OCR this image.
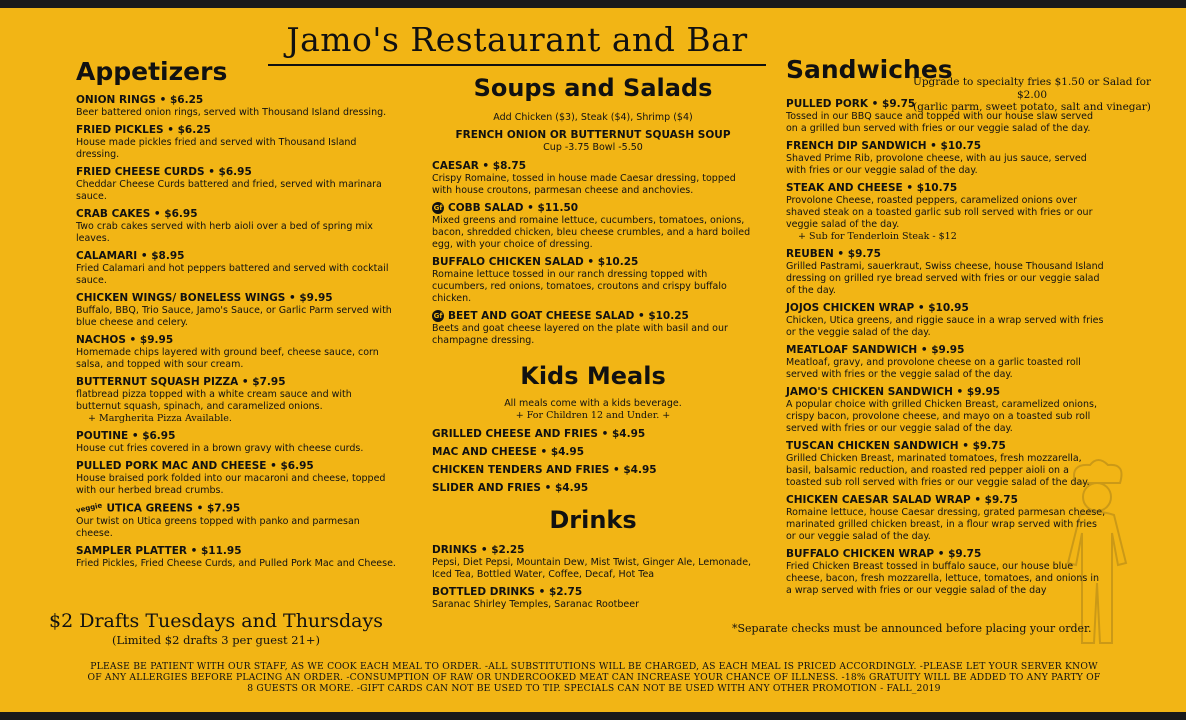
Jamo's Restaurant and Bar
Appetizers
ONION RINGS • $6.25
Beer battered onion rings, served with Thousand Island dressing.
FRIED PICKLES • $6.25
House made pickles fried and served with Thousand Island dressing.
FRIED CHEESE CURDS • $6.95
Cheddar Cheese Curds battered and fried, served with marinara sauce.
CRAB CAKES • $6.95
Two crab cakes served with herb aioli over a bed of spring mix leaves.
CALAMARI • $8.95
Fried Calamari and hot peppers battered and served with cocktail sauce.
CHICKEN WINGS/ BONELESS WINGS • $9.95
Buffalo, BBQ, Trio Sauce, Jamo's Sauce, or Garlic Parm served with blue cheese and celery.
NACHOS • $9.95
Homemade chips layered with ground beef, cheese sauce, corn salsa, and topped with sour cream.
BUTTERNUT SQUASH PIZZA • $7.95
flatbread pizza topped with a white cream sauce and with butternut squash, spinach, and caramelized onions.
+ Margherita Pizza Available.
POUTINE • $6.95
House cut fries covered in a brown gravy with cheese curds.
PULLED PORK MAC AND CHEESE • $6.95
House braised pork folded into our macaroni and cheese, topped with our herbed bread crumbs.
veggie UTICA GREENS • $7.95
Our twist on Utica greens topped with panko and parmesan cheese.
SAMPLER PLATTER • $11.95
Fried Pickles, Fried Cheese Curds, and Pulled Pork Mac and Cheese.
$2 Drafts Tuesdays and Thursdays
(Limited $2 drafts 3 per guest 21+)
Soups and Salads
Add Chicken ($3), Steak ($4), Shrimp ($4)
FRENCH ONION OR BUTTERNUT SQUASH SOUP
Cup -3.75 Bowl -5.50
CAESAR • $8.75
Crispy Romaine, tossed in house made Caesar dressing, topped with house croutons, parmesan cheese and anchovies.
Gf COBB SALAD • $11.50
Mixed greens and romaine lettuce, cucumbers, tomatoes, onions, bacon, shredded chicken, bleu cheese crumbles, and a hard boiled egg, with your choice of dressing.
BUFFALO CHICKEN SALAD • $10.25
Romaine lettuce tossed in our ranch dressing topped with cucumbers, red onions, tomatoes, croutons and crispy buffalo chicken.
Gf BEET AND GOAT CHEESE SALAD • $10.25
Beets and goat cheese layered on the plate with basil and our champagne dressing.
Kids Meals
All meals come with a kids beverage.
+ For Children 12 and Under. +
GRILLED CHEESE AND FRIES • $4.95
MAC AND CHEESE • $4.95
CHICKEN TENDERS AND FRIES • $4.95
SLIDER AND FRIES • $4.95
Drinks
DRINKS • $2.25
Pepsi, Diet Pepsi, Mountain Dew, Mist Twist, Ginger Ale, Lemonade, Iced Tea, Bottled Water, Coffee, Decaf, Hot Tea
BOTTLED DRINKS • $2.75
Saranac Shirley Temples, Saranac Rootbeer
Sandwiches
PULLED PORK • $9.75
Tossed in our BBQ sauce and topped with our house slaw served on a grilled bun served with fries or our veggie salad of the day.
FRENCH DIP SANDWICH • $10.75
Shaved Prime Rib, provolone cheese, with au jus sauce, served with fries or our veggie salad of the day.
STEAK AND CHEESE • $10.75
Provolone Cheese, roasted peppers, caramelized onions over shaved steak on a toasted garlic sub roll served with fries or our veggie salad of the day.
+ Sub for Tenderloin Steak - $12
REUBEN • $9.75
Grilled Pastrami, sauerkraut, Swiss cheese, house Thousand Island dressing on grilled rye bread served with fries or our veggie salad of the day.
JOJOS CHICKEN WRAP • $10.95
Chicken, Utica greens, and riggie sauce in a wrap served with fries or the veggie salad of the day.
MEATLOAF SANDWICH • $9.95
Meatloaf, gravy, and provolone cheese on a garlic toasted roll served with fries or the veggie salad of the day.
JAMO'S CHICKEN SANDWICH • $9.95
A popular choice with grilled Chicken Breast, caramelized onions, crispy bacon, provolone cheese, and mayo on a toasted sub roll served with fries or our veggie salad of the day.
TUSCAN CHICKEN SANDWICH • $9.75
Grilled Chicken Breast, marinated tomatoes, fresh mozzarella, basil, balsamic reduction, and roasted red pepper aioli on a toasted sub roll served with fries or our veggie salad of the day.
CHICKEN CAESAR SALAD WRAP • $9.75
Romaine lettuce, house Caesar dressing, grated parmesan cheese, marinated grilled chicken breast, in a flour wrap served with fries or our veggie salad of the day.
BUFFALO CHICKEN WRAP • $9.75
Fried Chicken Breast tossed in buffalo sauce, our house blue cheese, bacon, fresh mozzarella, lettuce, tomatoes, and onions in a wrap served with fries or our veggie salad of the day
Upgrade to specialty fries $1.50 or Salad for $2.00
(garlic parm, sweet potato, salt and vinegar)
*Separate checks must be announced before placing your order.
PLEASE BE PATIENT WITH OUR STAFF, AS WE COOK EACH MEAL TO ORDER. -ALL SUBSTITUTIONS WILL BE CHARGED, AS EACH MEAL IS PRICED ACCORDINGLY. -PLEASE LET YOUR SERVER KNOW OF ANY ALLERGIES BEFORE PLACING AN ORDER. -CONSUMPTION OF RAW OR UNDERCOOKED MEAT CAN INCREASE YOUR CHANCE OF ILLNESS. -18% GRATUITY WILL BE ADDED TO ANY PARTY OF 8 GUESTS OR MORE. -GIFT CARDS CAN NOT BE USED TO TIP. SPECIALS CAN NOT BE USED WITH ANY OTHER PROMOTION - FALL_2019
